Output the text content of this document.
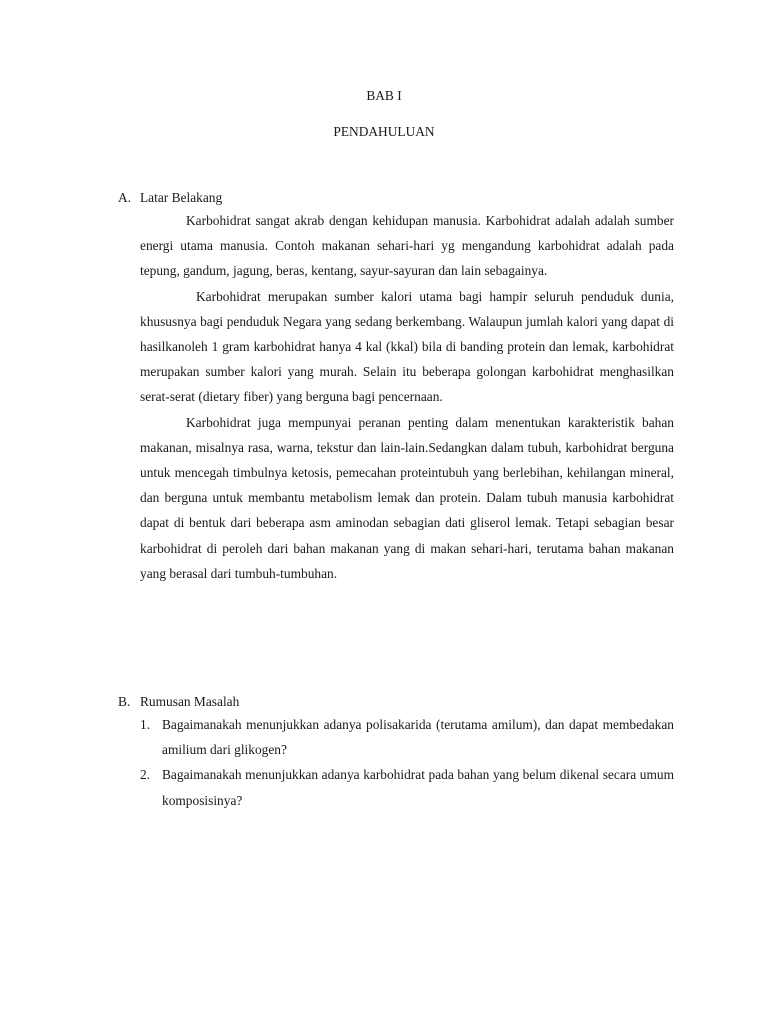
BAB I
PENDAHULUAN
A. Latar Belakang

Karbohidrat sangat akrab dengan kehidupan manusia. Karbohidrat adalah adalah sumber energi utama manusia. Contoh makanan sehari-hari yg mengandung karbohidrat adalah pada tepung, gandum, jagung, beras, kentang, sayur-sayuran dan lain sebagainya.

Karbohidrat merupakan sumber kalori utama bagi hampir seluruh penduduk dunia, khususnya bagi penduduk Negara yang sedang berkembang. Walaupun jumlah kalori yang dapat di hasilkanoleh 1 gram karbohidrat hanya 4 kal (kkal) bila di banding protein dan lemak, karbohidrat merupakan sumber kalori yang murah. Selain itu beberapa golongan karbohidrat menghasilkan serat-serat (dietary fiber) yang berguna bagi pencernaan.

Karbohidrat juga mempunyai peranan penting dalam menentukan karakteristik bahan makanan, misalnya rasa, warna, tekstur dan lain-lain.Sedangkan dalam tubuh, karbohidrat berguna untuk mencegah timbulnya ketosis, pemecahan proteintubuh yang berlebihan, kehilangan mineral, dan berguna untuk membantu metabolism lemak dan protein. Dalam tubuh manusia karbohidrat dapat di bentuk dari beberapa asm aminodan sebagian dati gliserol lemak. Tetapi sebagian besar karbohidrat di peroleh dari bahan makanan yang di makan sehari-hari, terutama bahan makanan yang berasal dari tumbuh-tumbuhan.

B. Rumusan Masalah
1. Bagaimanakah menunjukkan adanya polisakarida (terutama amilum), dan dapat membedakan amilium dari glikogen?
2. Bagaimanakah menunjukkan adanya karbohidrat pada bahan yang belum dikenal secara umum komposisinya?
